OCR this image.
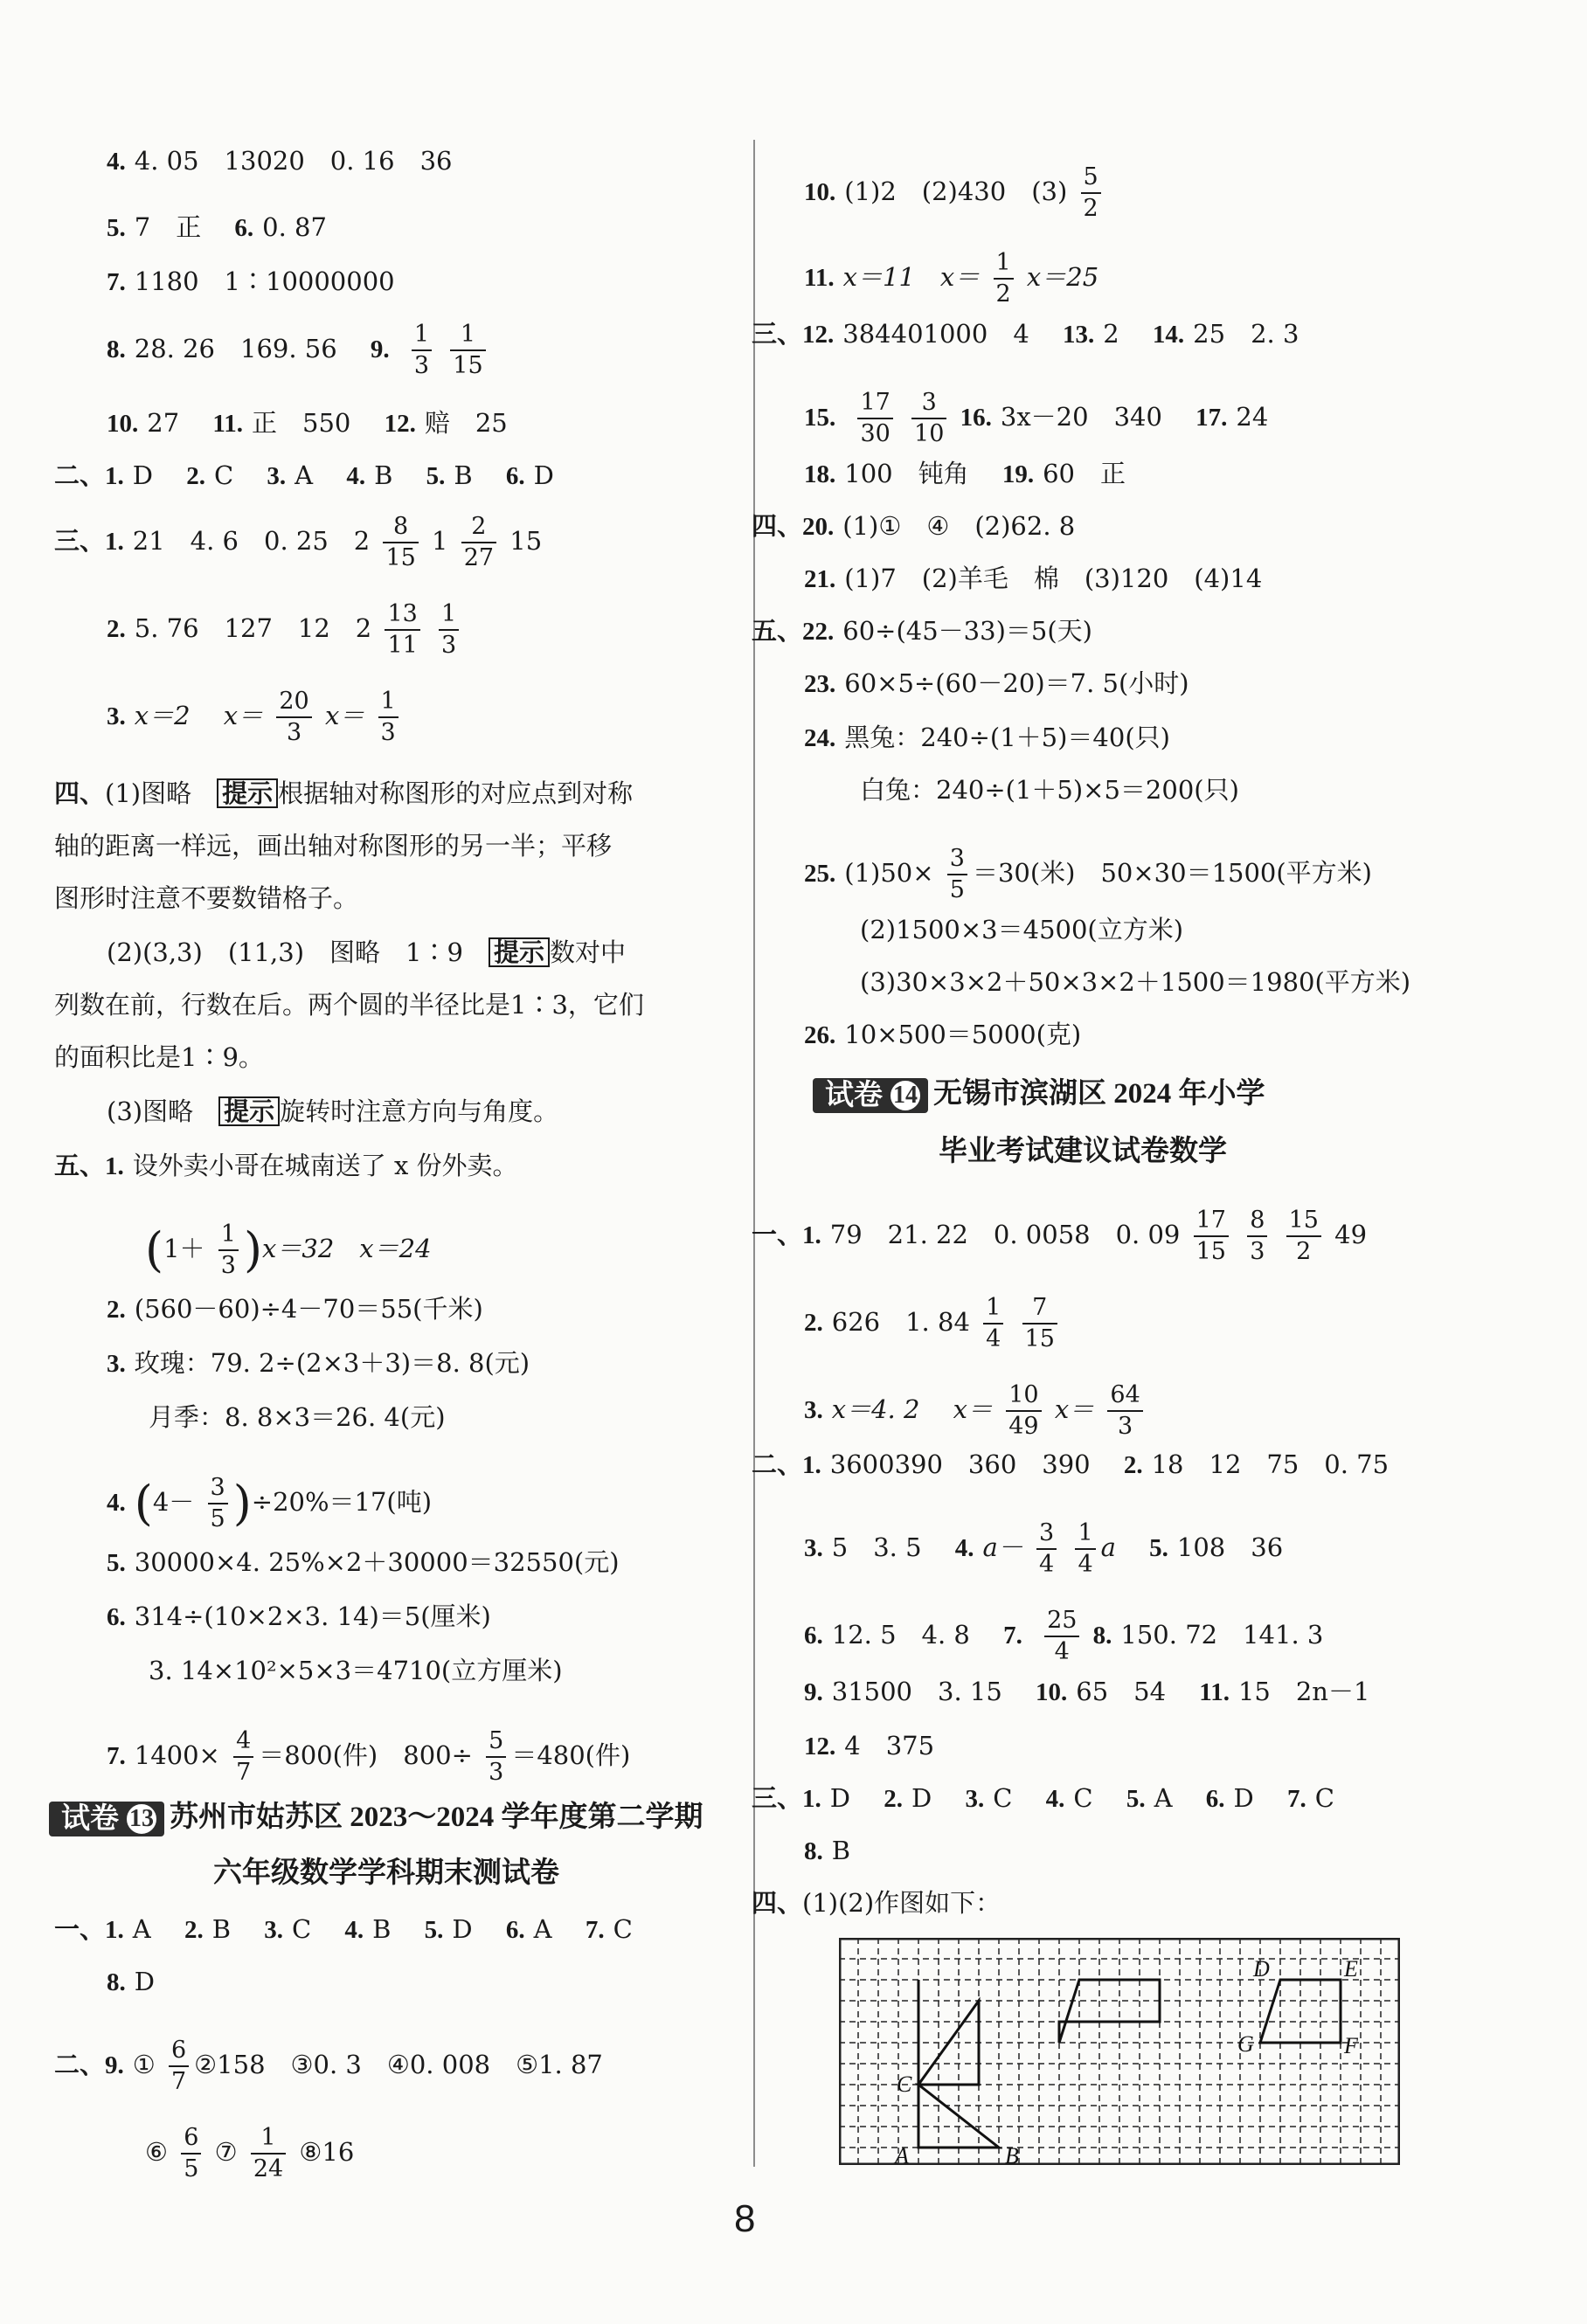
4. 4. 05　13020　0. 16　36
5. 7　正　 6. 0. 87
7. 1180　1∶10000000
8. 28. 26　169. 56　 9. $\frac{1}{3}$
$\frac{1}{15}$
10. 27　 11. 正　550　 12. 赔　25
二、1. D　 2. C　 3. A　 4. B　 5. B　 6. D
三、1. 21　4. 6　0. 25　$2 \frac{8}{15} 1 \frac{2}{27} 15$
2. 5. 76　127　12　$2 \frac{13}{11}$
$\frac{1}{3}$
3. x＝2　 $x= \frac{20}{3} x= \frac{1}{3}$
四、(1)图略　 提示 根据轴对称图形的对应点到对称
轴的距离一样远，画出轴对称图形的另一半；平移
图形时注意不要数错格子。
(2)(3,3)　(11,3)　图略　1∶9　 提示 数对中
列数在前，行数在后。两个圆的半径比是1∶3，它们
的面积比是1∶9。
(3)图略　 提示 旋转时注意方向与角度。
五、1. 设外卖小哥在城南送了 x 份外卖。
$(1+ \frac{1}{3} )x=32$　x＝24
2. (560－60)÷4－70＝55(千米)
3. 玫瑰：79. 2÷(2×3＋3)＝8. 8(元)
月季：8. 8×3＝26. 4(元)
4. $(4- \frac{3}{5} )\div 20\%=17$(吨)
5. 30000×4. 25%×2＋30000＝32550(元)
6. 314÷(10×2×3. 14)＝5(厘米)
3. 14×10²×5×3＝4710(立方厘米)
7. $1400\times \frac{4}{7} =800$(件)　$800\div \frac{5}{3} =480$(件)
试卷 13 苏州市姑苏区 2023～2024 学年度第二学期
六年级数学学科期末测试卷
一、1. A　 2. B　 3. C　 4. B　 5. D　 6. A　 7. C
8. D
二、9. ① $\frac{6}{7}$ ②158　③0. 3　④0. 008　⑤1. 87
⑥ $\frac{6}{5}$ ⑦ $\frac{1}{24}$ ⑧16
10. (1)2　(2)430　$(3) \frac{5}{2}$
11. x＝11　$x= \frac{1}{2} x=25$
三、12. 384401000　4　 13. 2　 14. 25　2. 3
15. $\frac{17}{30}$
$\frac{3}{10} 16$. 3x－20　340　 17. 24
18. 100　钝角　 19. 60　正
四、20. (1)①　④　(2)62. 8
21. (1)7　(2)羊毛　棉　(3)120　(4)14
五、22. 60÷(45－33)＝5(天)
23. 60×5÷(60－20)＝7. 5(小时)
24. 黑兔：240÷(1＋5)＝40(只)
白兔：240÷(1＋5)×5＝200(只)
25. $(1)50\times \frac{3}{5} =30$(米)　50×30＝1500(平方米)
(2)1500×3＝4500(立方米)
(3)30×3×2＋50×3×2＋1500＝1980(平方米)
26. 10×500＝5000(克)
试卷 14 无锡市滨湖区 2024 年小学
毕业考试建议试卷数学
一、1. 79　21. 22　0. 0058　0. $09 \frac{17}{15}$
$\frac{8}{3}$
$\frac{15}{2} 49$
2. 626　1. $84 \frac{1}{4}$
$\frac{7}{15}$
3. x＝4. 2　 $x= \frac{10}{49} x= \frac{64}{3}$
二、1. 3600390　360　390　 2. 18　12　75　0. 75
3. 5　3. 5　 4. $a- \frac{3}{4}$
$\frac{1}{4}$ a　 5. 108　36
6. 12. 5　4. 8　 7. $\frac{25}{4} 8$. 150. 72　141. 3
9. 31500　3. 15　 10. 65　54　 11. 15　2n－1
12. 4　375
三、1. D　 2. D　 3. C　 4. C　 5. A　 6. D　 7. C
8. B
四、(1)(2)作图如下：
A	B
C
D	E
F
G
8
